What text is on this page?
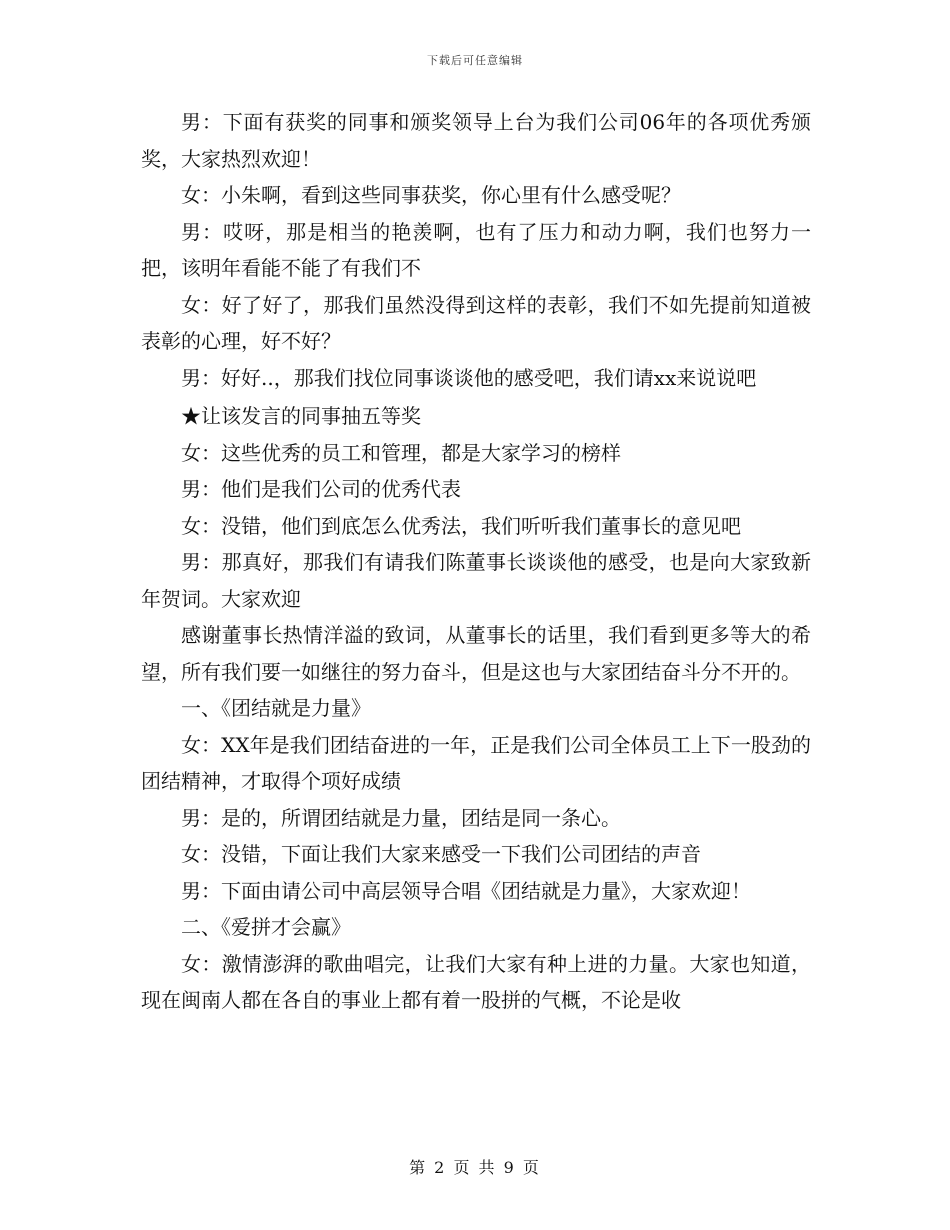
下载后可任意编辑

男：下面有获奖的同事和颁奖领导上台为我们公司06年的各项优秀颁奖，大家热烈欢迎！

女：小朱啊，看到这些同事获奖，你心里有什么感受呢？

男：哎呀，那是相当的艳羡啊，也有了压力和动力啊，我们也努力一把，该明年看能不能了有我们不

女：好了好了，那我们虽然没得到这样的表彰，我们不如先提前知道被表彰的心理，好不好？

男：好好..，那我们找位同事谈谈他的感受吧，我们请xx来说说吧

★让该发言的同事抽五等奖

女：这些优秀的员工和管理，都是大家学习的榜样

男：他们是我们公司的优秀代表

女：没错，他们到底怎么优秀法，我们听听我们董事长的意见吧

男：那真好，那我们有请我们陈董事长谈谈他的感受，也是向大家致新年贺词。大家欢迎

感谢董事长热情洋溢的致词，从董事长的话里，我们看到更多等大的希望，所有我们要一如继往的努力奋斗，但是这也与大家团结奋斗分不开的。

一、《团结就是力量》

女：XX年是我们团结奋进的一年，正是我们公司全体员工上下一股劲的团结精神，才取得个项好成绩

男：是的，所谓团结就是力量，团结是同一条心。

女：没错，下面让我们大家来感受一下我们公司团结的声音

男：下面由请公司中高层领导合唱《团结就是力量》，大家欢迎！

二、《爱拼才会赢》

女：激情澎湃的歌曲唱完，让我们大家有种上进的力量。大家也知道，现在闽南人都在各自的事业上都有着一股拼的气概，不论是收

第 2 页 共 9 页
